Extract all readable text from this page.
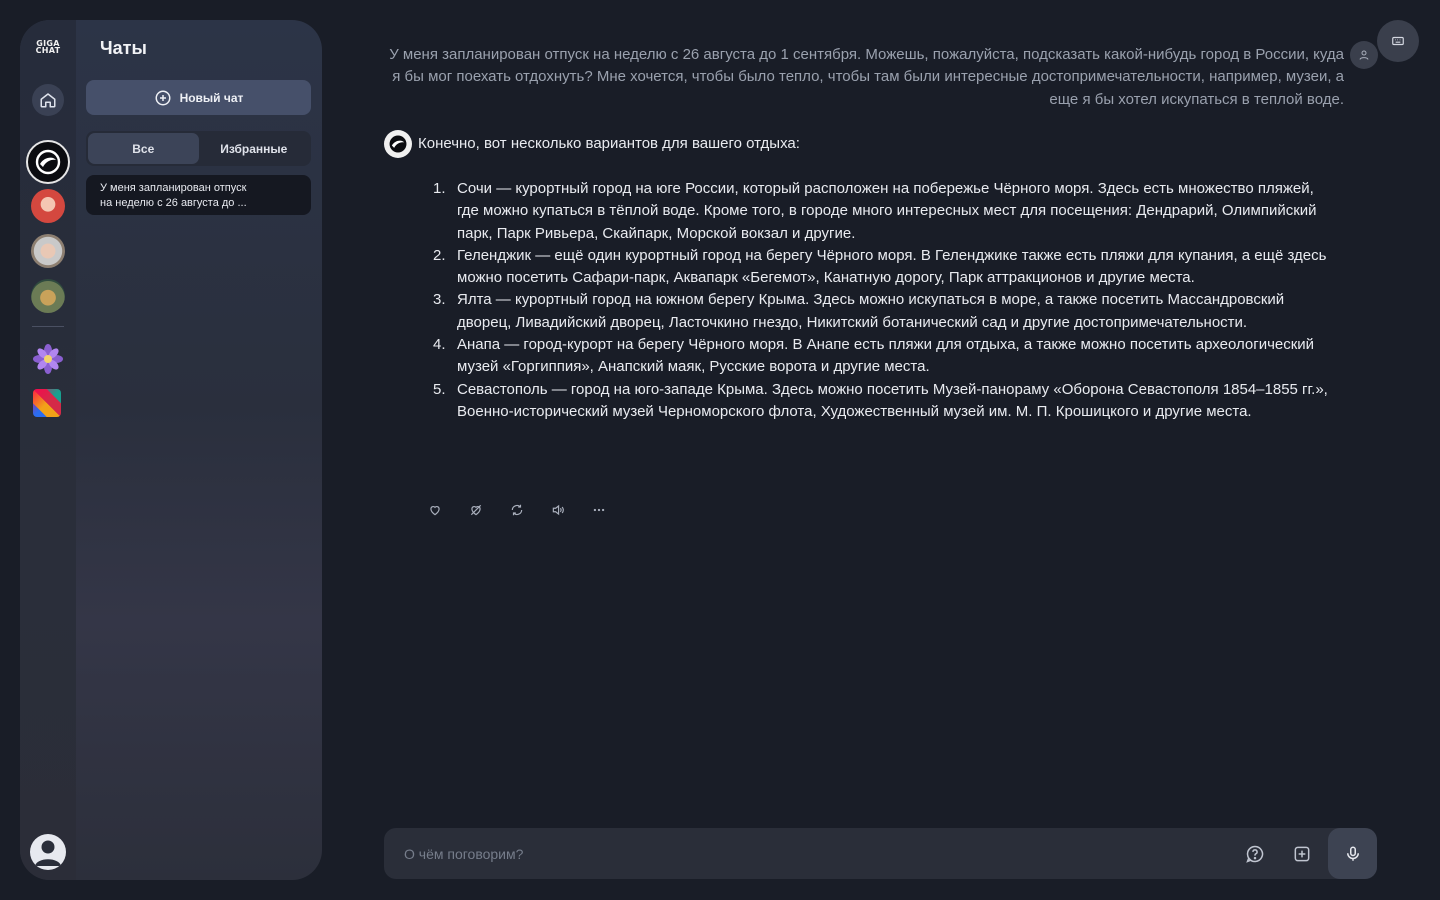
GIGA
CHAT Чаты
Новый чат
Все	Избранные
У меня запланирован отпуск
на неделю с 26 августа до ...
У меня запланирован отпуск на неделю с 26 августа до 1 сентября. Можешь, пожалуйста, подсказать какой-нибудь город в России, куда я бы мог поехать отдохнуть? Мне хочется, чтобы было тепло, чтобы там были интересные достопримечательности, например, музеи, а еще я бы хотел искупаться в теплой воде.
Конечно, вот несколько вариантов для вашего отдыха:
1. Сочи — курортный город на юге России, который расположен на побережье Чёрного моря. Здесь есть множество пляжей, где можно купаться в тёплой воде. Кроме того, в городе много интересных мест для посещения: Дендрарий, Олимпийский парк, Парк Ривьера, Скайпарк, Морской вокзал и другие.
2. Геленджик — ещё один курортный город на берегу Чёрного моря. В Геленджике также есть пляжи для купания, а ещё здесь можно посетить Сафари-парк, Аквапарк «Бегемот», Канатную дорогу, Парк аттракционов и другие места.
3. Ялта — курортный город на южном берегу Крыма. Здесь можно искупаться в море, а также посетить Массандровский дворец, Ливадийский дворец, Ласточкино гнездо, Никитский ботанический сад и другие достопримечательности.
4. Анапа — город-курорт на берегу Чёрного моря. В Анапе есть пляжи для отдыха, а также можно посетить археологический музей «Горгиппия», Анапский маяк, Русские ворота и другие места.
5. Севастополь — город на юго-западе Крыма. Здесь можно посетить Музей-панораму «Оборона Севастополя 1854–1855 гг.», Военно-исторический музей Черноморского флота, Художественный музей им. М. П. Крошицкого и другие места.
О чём поговорим?
